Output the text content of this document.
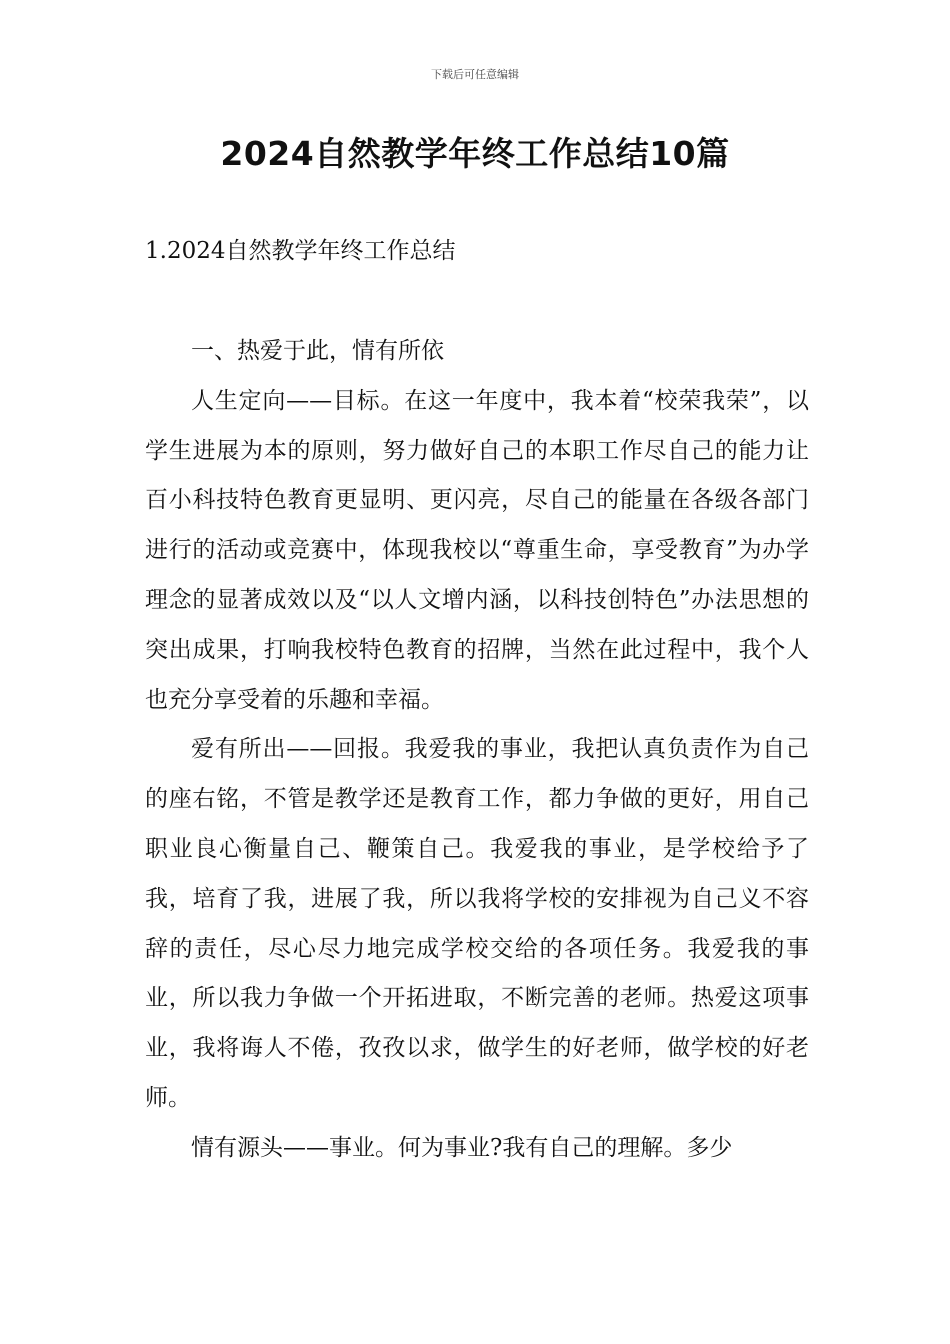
下载后可任意编辑
2024自然教学年终工作总结10篇
1.2024自然教学年终工作总结

一、热爱于此，情有所依

人生定向——目标。在这一年度中，我本着“校荣我荣”，以学生进展为本的原则，努力做好自己的本职工作尽自己的能力让百小科技特色教育更显明、更闪亮，尽自己的能量在各级各部门进行的活动或竞赛中，体现我校以“尊重生命，享受教育”为办学理念的显著成效以及“以人文增内涵，以科技创特色”办法思想的突出成果，打响我校特色教育的招牌，当然在此过程中，我个人也充分享受着的乐趣和幸福。

爱有所出——回报。我爱我的事业，我把认真负责作为自己的座右铭，不管是教学还是教育工作，都力争做的更好，用自己职业良心衡量自己、鞭策自己。我爱我的事业，是学校给予了我，培育了我，进展了我，所以我将学校的安排视为自己义不容辞的责任，尽心尽力地完成学校交给的各项任务。我爱我的事业，所以我力争做一个开拓进取，不断完善的老师。热爱这项事业，我将诲人不倦，孜孜以求，做学生的好老师，做学校的好老师。

情有源头——事业。何为事业?我有自己的理解。多少
